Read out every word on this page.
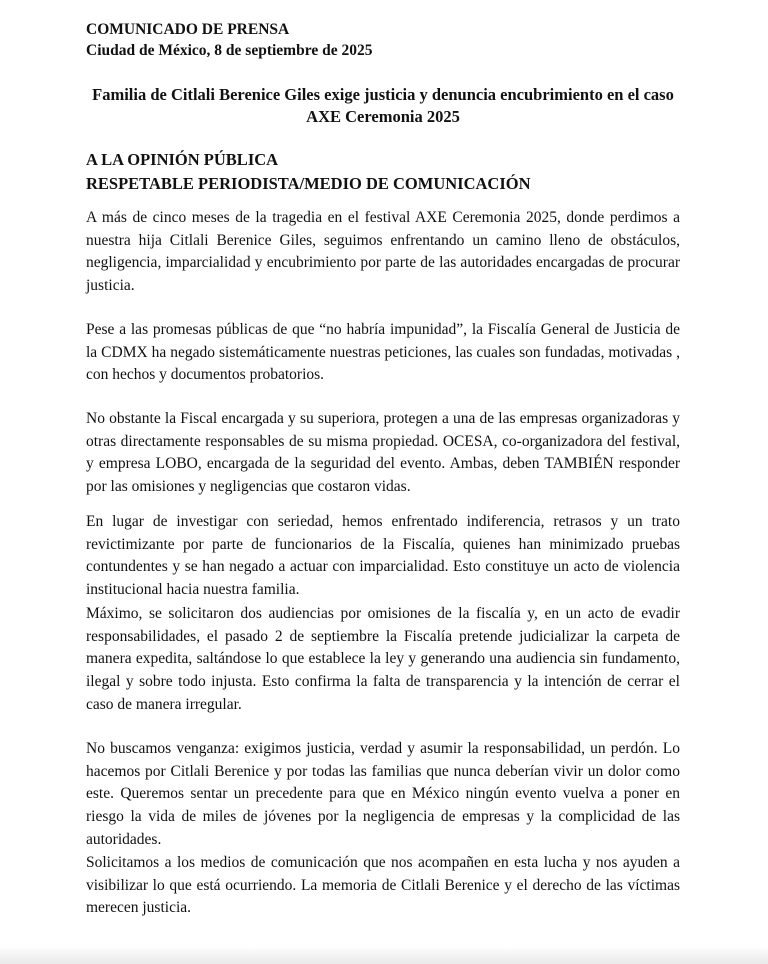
COMUNICADO DE PRENSA
Ciudad de México, 8 de septiembre de 2025
Familia de Citlali Berenice Giles exige justicia y denuncia encubrimiento en el caso AXE Ceremonia 2025
A LA OPINIÓN PÚBLICA
RESPETABLE PERIODISTA/MEDIO DE COMUNICACIÓN

A más de cinco meses de la tragedia en el festival AXE Ceremonia 2025, donde perdimos a nuestra hija Citlali Berenice Giles, seguimos enfrentando un camino lleno de obstáculos, negligencia, imparcialidad y encubrimiento por parte de las autoridades encargadas de procurar justicia.

Pese a las promesas públicas de que “no habría impunidad”, la Fiscalía General de Justicia de la CDMX ha negado sistemáticamente nuestras peticiones, las cuales son fundadas, motivadas , con hechos y documentos probatorios.

No obstante la Fiscal encargada y su superiora, protegen a una de las empresas organizadoras y otras directamente responsables de su misma propiedad. OCESA, co-organizadora del festival, y empresa LOBO, encargada de la seguridad del evento. Ambas, deben TAMBIÉN responder por las omisiones y negligencias que costaron vidas.

En lugar de investigar con seriedad, hemos enfrentado indiferencia, retrasos y un trato revictimizante por parte de funcionarios de la Fiscalía, quienes han minimizado pruebas contundentes y se han negado a actuar con imparcialidad. Esto constituye un acto de violencia institucional hacia nuestra familia.

Máximo, se solicitaron dos audiencias por omisiones de la fiscalía y, en un acto de evadir responsabilidades, el pasado 2 de septiembre la Fiscalía pretende judicializar la carpeta de manera expedita, saltándose lo que establece la ley y generando una audiencia sin fundamento, ilegal y sobre todo injusta. Esto confirma la falta de transparencia y la intención de cerrar el caso de manera irregular.

No buscamos venganza: exigimos justicia, verdad y asumir la responsabilidad, un perdón. Lo hacemos por Citlali Berenice y por todas las familias que nunca deberían vivir un dolor como este. Queremos sentar un precedente para que en México ningún evento vuelva a poner en riesgo la vida de miles de jóvenes por la negligencia de empresas y la complicidad de las autoridades.

Solicitamos a los medios de comunicación que nos acompañen en esta lucha y nos ayuden a visibilizar lo que está ocurriendo. La memoria de Citlali Berenice y el derecho de las víctimas merecen justicia.
